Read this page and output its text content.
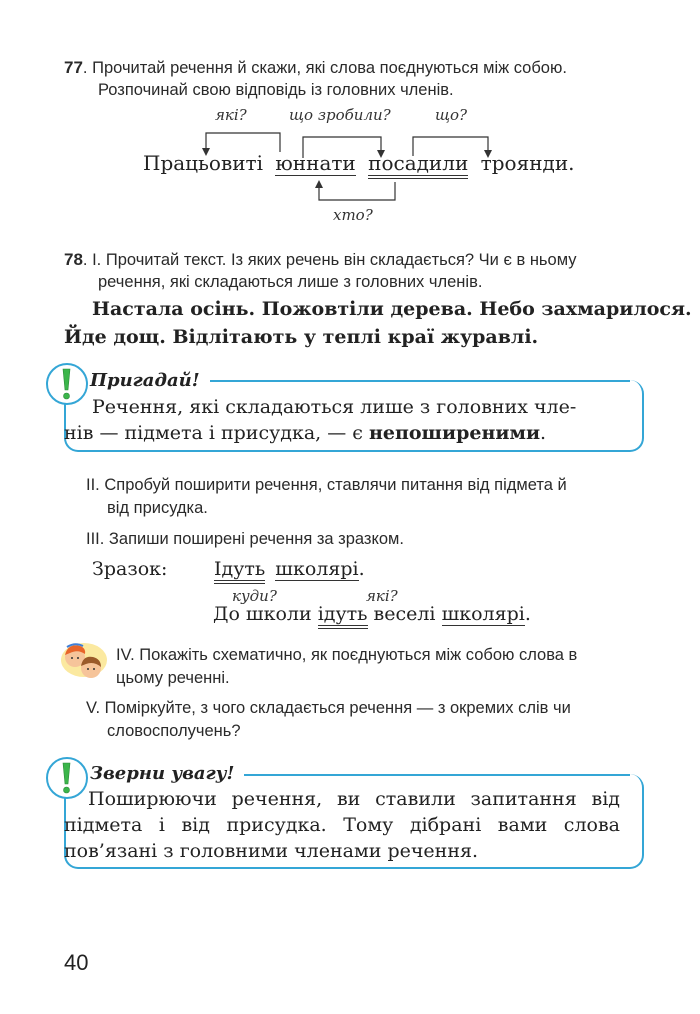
77. Прочитай речення й скажи, які слова поєднуються між собою.
Розпочинай свою відповідь із головних членів.
які?	що зробили?	що?
Працьовиті юннати посадили троянди.
хто?
78. І. Прочитай текст. Із яких речень він складається? Чи є в ньому
речення, які складаються лише з головних членів.
Настала осінь. Пожовтіли дерева. Небо захмарилося.
Йде дощ. Відлітають у теплі краї журавлі.
Пригадай!
Речення, які складаються лише з головних чле-
нів — підмета і присудка, — є непоширеними.
II. Спробуй поширити речення, ставлячи питання від підмета й
від присудка.
III. Запиши поширені речення за зразком.
Зразок: Ідуть школярі.
куди?	які?
До школи ідуть веселі школярі.
IV. Покажіть схематично, як поєднуються між собою слова в
цьому реченні.
V. Поміркуйте, з чого складається речення — з окремих слів чи
словосполучень?
Зверни увагу!
Поширюючи речення, ви ставили запитання від
підмета і від присудка. Тому дібрані вами слова
пов’язані з головними членами речення.
40
